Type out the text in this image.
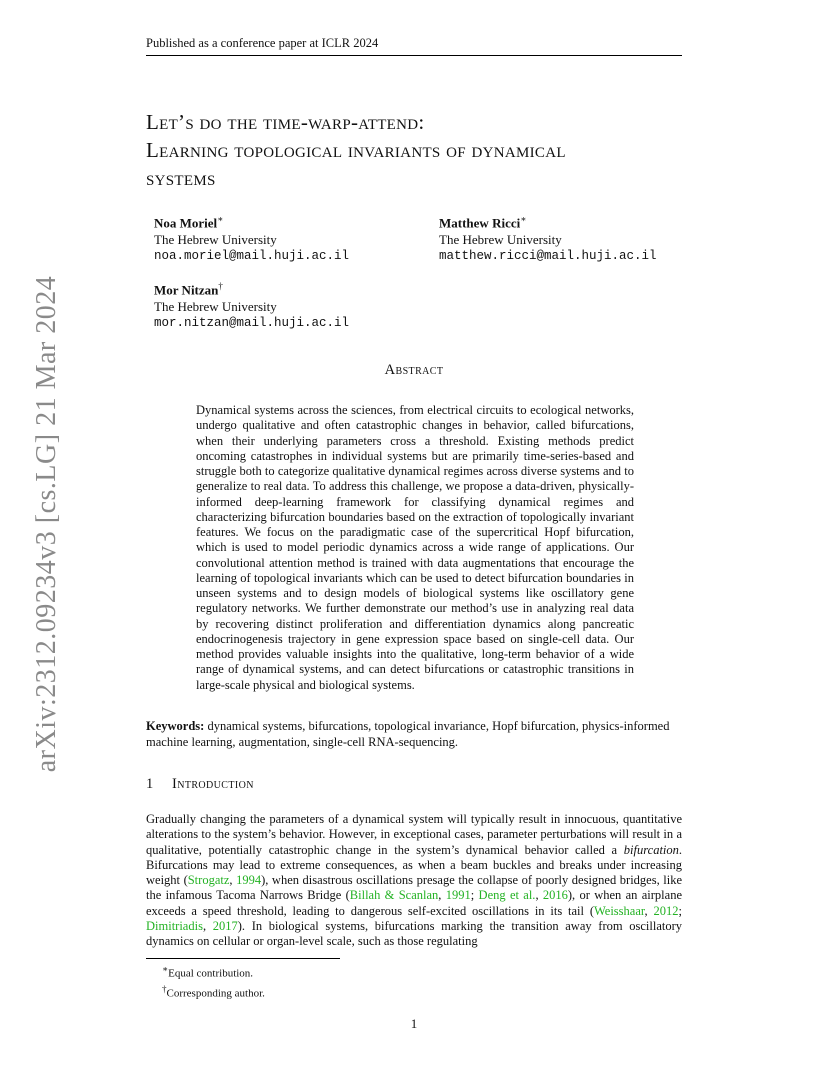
Published as a conference paper at ICLR 2024
arXiv:2312.09234v3 [cs.LG] 21 Mar 2024
Let’s do the time-warp-attend:
Learning topological invariants of dynamical
systems
Noa Moriel∗
The Hebrew University
noa.moriel@mail.huji.ac.il
Matthew Ricci∗
The Hebrew University
matthew.ricci@mail.huji.ac.il
Mor Nitzan†
The Hebrew University
mor.nitzan@mail.huji.ac.il
Abstract
Dynamical systems across the sciences, from electrical circuits to ecological networks, undergo qualitative and often catastrophic changes in behavior, called bifurcations, when their underlying parameters cross a threshold. Existing methods predict oncoming catastrophes in individual systems but are primarily time-series-based and struggle both to categorize qualitative dynamical regimes across diverse systems and to generalize to real data. To address this challenge, we propose a data-driven, physically-informed deep-learning framework for classifying dynamical regimes and characterizing bifurcation boundaries based on the extraction of topologically invariant features. We focus on the paradigmatic case of the supercritical Hopf bifurcation, which is used to model periodic dynamics across a wide range of applications. Our convolutional attention method is trained with data augmentations that encourage the learning of topological invariants which can be used to detect bifurcation boundaries in unseen systems and to design models of biological systems like oscillatory gene regulatory networks. We further demonstrate our method’s use in analyzing real data by recovering distinct proliferation and differentiation dynamics along pancreatic endocrinogenesis trajectory in gene expression space based on single-cell data. Our method provides valuable insights into the qualitative, long-term behavior of a wide range of dynamical systems, and can detect bifurcations or catastrophic transitions in large-scale physical and biological systems.
Keywords: dynamical systems, bifurcations, topological invariance, Hopf bifurcation, physics-informed machine learning, augmentation, single-cell RNA-sequencing.
1 Introduction
Gradually changing the parameters of a dynamical system will typically result in innocuous, quantitative alterations to the system’s behavior. However, in exceptional cases, parameter perturbations will result in a qualitative, potentially catastrophic change in the system’s dynamical behavior called a bifurcation. Bifurcations may lead to extreme consequences, as when a beam buckles and breaks under increasing weight (Strogatz, 1994), when disastrous oscillations presage the collapse of poorly designed bridges, like the infamous Tacoma Narrows Bridge (Billah & Scanlan, 1991; Deng et al., 2016), or when an airplane exceeds a speed threshold, leading to dangerous self-excited oscillations in its tail (Weisshaar, 2012; Dimitriadis, 2017). In biological systems, bifurcations marking the transition away from oscillatory dynamics on cellular or organ-level scale, such as those regulating
∗Equal contribution.
†Corresponding author.
1
